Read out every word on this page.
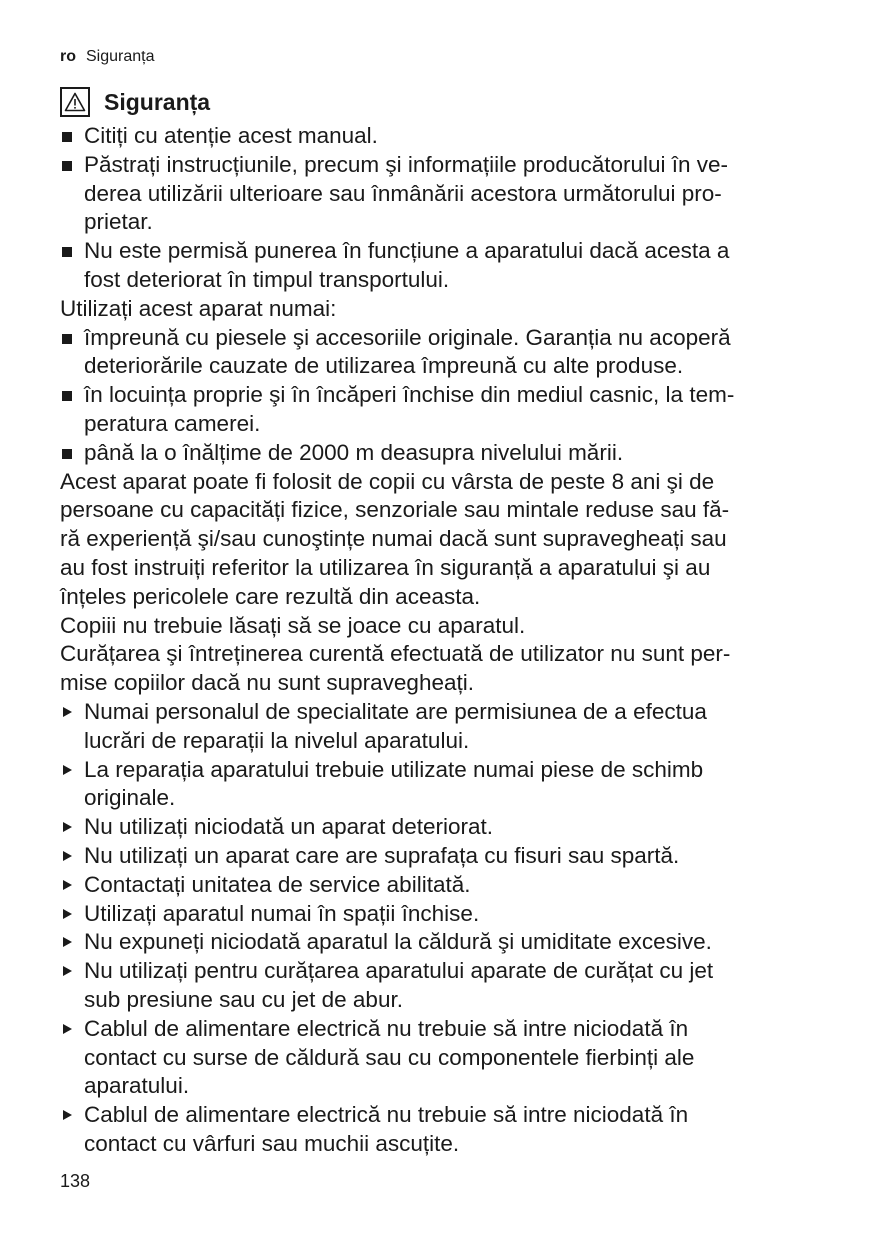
ro Siguranța
Siguranța
Citiți cu atenție acest manual.
Păstrați instrucțiunile, precum şi informațiile producătorului în ve-
derea utilizării ulterioare sau înmânării acestora următorului pro-
prietar.
Nu este permisă punerea în funcțiune a aparatului dacă acesta a
fost deteriorat în timpul transportului.
Utilizați acest aparat numai:
împreună cu piesele şi accesoriile originale. Garanția nu acoperă
deteriorările cauzate de utilizarea împreună cu alte produse.
în locuința proprie şi în încăperi închise din mediul casnic, la tem-
peratura camerei.
până la o înălțime de 2000 m deasupra nivelului mării.
Acest aparat poate fi folosit de copii cu vârsta de peste 8 ani şi de
persoane cu capacități fizice, senzoriale sau mintale reduse sau fă-
ră experiență şi/sau cunoştințe numai dacă sunt supravegheați sau
au fost instruiți referitor la utilizarea în siguranță a aparatului şi au
înțeles pericolele care rezultă din aceasta.
Copiii nu trebuie lăsați să se joace cu aparatul.
Curățarea şi întreținerea curentă efectuată de utilizator nu sunt per-
mise copiilor dacă nu sunt supravegheați.
Numai personalul de specialitate are permisiunea de a efectua
lucrări de reparații la nivelul aparatului.
La reparația aparatului trebuie utilizate numai piese de schimb
originale.
Nu utilizați niciodată un aparat deteriorat.
Nu utilizați un aparat care are suprafața cu fisuri sau spartă.
Contactați unitatea de service abilitată.
Utilizați aparatul numai în spații închise.
Nu expuneți niciodată aparatul la căldură şi umiditate excesive.
Nu utilizați pentru curățarea aparatului aparate de curățat cu jet
sub presiune sau cu jet de abur.
Cablul de alimentare electrică nu trebuie să intre niciodată în
contact cu surse de căldură sau cu componentele fierbinți ale
aparatului.
Cablul de alimentare electrică nu trebuie să intre niciodată în
contact cu vârfuri sau muchii ascuțite.
138
